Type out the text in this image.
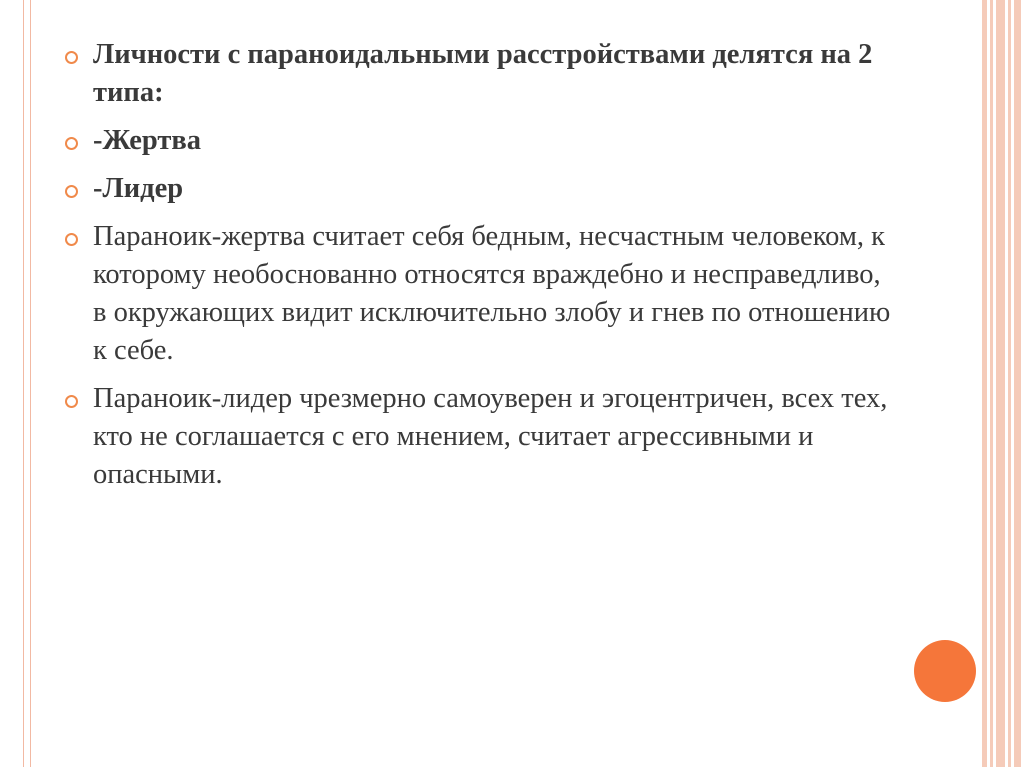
Личности с параноидальными расстройствами делятся на 2 типа:
-Жертва
-Лидер
Параноик-жертва считает себя бедным, несчастным человеком, к которому необоснованно относятся враждебно и несправедливо, в окружающих видит исключительно злобу и гнев по отношению к себе.
Параноик-лидер чрезмерно самоуверен и эгоцентричен, всех тех, кто не соглашается с его мнением, считает агрессивными и опасными.
